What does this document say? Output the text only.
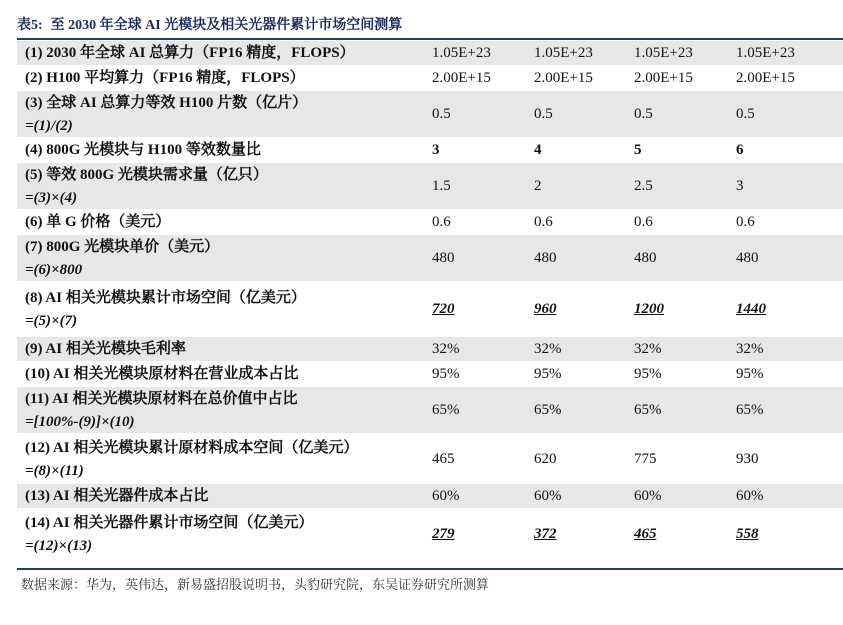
表5: 至 2030 年全球 AI 光模块及相关光器件累计市场空间测算
(1) 2030 年全球 AI 总算力（FP16 精度，FLOPS）	1.05E+23	1.05E+23	1.05E+23	1.05E+23
(2) H100 平均算力（FP16 精度，FLOPS）	2.00E+15	2.00E+15	2.00E+15	2.00E+15
(3) 全球 AI 总算力等效 H100 片数（亿片）
=(1)/(2)	0.5	0.5	0.5	0.5
(4) 800G 光模块与 H100 等效数量比	3	4	5	6
(5) 等效 800G 光模块需求量（亿只）
=(3)×(4)	1.5	2	2.5	3
(6) 单 G 价格（美元）	0.6	0.6	0.6	0.6
(7) 800G 光模块单价（美元）
=(6)×800	480	480	480	480
(8) AI 相关光模块累计市场空间（亿美元）
=(5)×(7)	720	960	1200	1440
(9) AI 相关光模块毛利率	32%	32%	32%	32%
(10) AI 相关光模块原材料在营业成本占比	95%	95%	95%	95%
(11) AI 相关光模块原材料在总价值中占比
=[100%-(9)]×(10)	65%	65%	65%	65%
(12) AI 相关光模块累计原材料成本空间（亿美元）
=(8)×(11)	465	620	775	930
(13) AI 相关光器件成本占比	60%	60%	60%	60%
(14) AI 相关光器件累计市场空间（亿美元）
=(12)×(13)	279	372	465	558
数据来源：华为，英伟达，新易盛招股说明书，头豹研究院，东吴证券研究所测算
